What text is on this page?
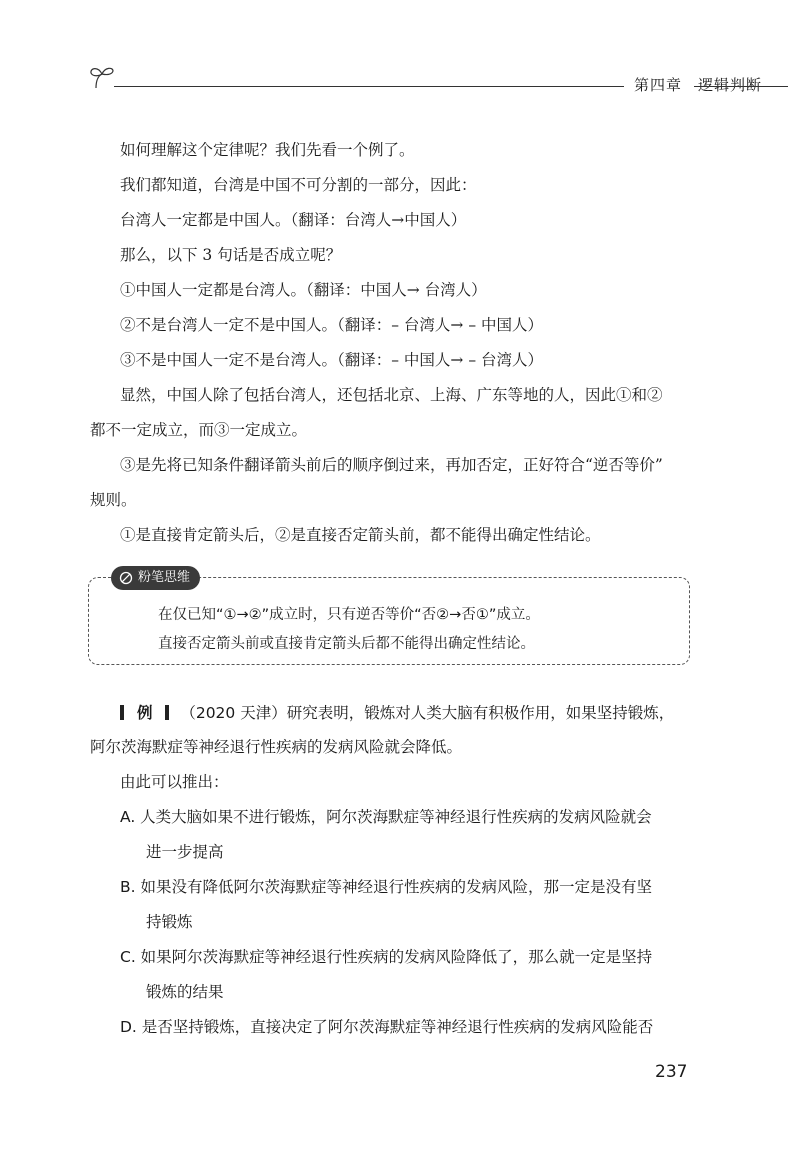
第四章　逻辑判断
如何理解这个定律呢？我们先看一个例了。
我们都知道，台湾是中国不可分割的一部分，因此：
台湾人一定都是中国人。（翻译：台湾人→中国人）
那么，以下 3 句话是否成立呢？
①中国人一定都是台湾人。（翻译：中国人→ 台湾人）
②不是台湾人一定不是中国人。（翻译：– 台湾人→ – 中国人）
③不是中国人一定不是台湾人。（翻译：– 中国人→ – 台湾人）
显然，中国人除了包括台湾人，还包括北京、上海、广东等地的人，因此①和②
都不一定成立，而③一定成立。
③是先将已知条件翻译箭头前后的顺序倒过来，再加否定，正好符合“逆否等价”
规则。
①是直接肯定箭头后，②是直接否定箭头前，都不能得出确定性结论。
粉笔思维
在仅已知“①→②”成立时，只有逆否等价“否②→否①”成立。
直接否定箭头前或直接肯定箭头后都不能得出确定性结论。
例 （2020 天津）研究表明，锻炼对人类大脑有积极作用，如果坚持锻炼，
阿尔茨海默症等神经退行性疾病的发病风险就会降低。
由此可以推出：
A. 人类大脑如果不进行锻炼，阿尔茨海默症等神经退行性疾病的发病风险就会
进一步提高
B. 如果没有降低阿尔茨海默症等神经退行性疾病的发病风险，那一定是没有坚
持锻炼
C. 如果阿尔茨海默症等神经退行性疾病的发病风险降低了，那么就一定是坚持
锻炼的结果
D. 是否坚持锻炼，直接决定了阿尔茨海默症等神经退行性疾病的发病风险能否
237
